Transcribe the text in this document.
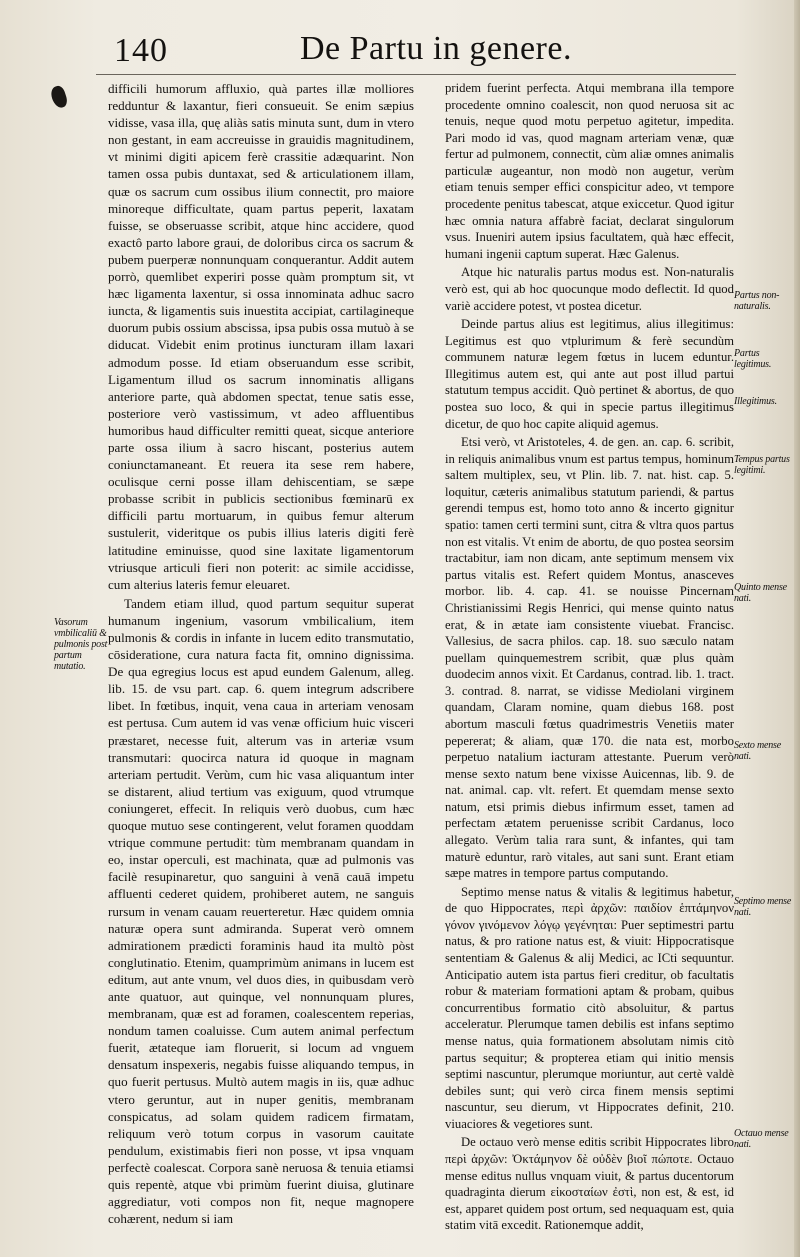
140	De Partu in genere.

difficili humorum affluxio, quà partes illæ molliores redduntur & laxantur, fieri consueuit. Se enim sæpius vidisse, vasa illa, quę aliàs satis minuta sunt, dum in vtero non gestant, in eam accreuisse in grauidis magnitudinem, vt minimi digiti apicem ferè crassitie adæquarint. Non tamen ossa pubis duntaxat, sed & articulationem illam, quæ os sacrum cum ossibus ilium connectit, pro maiore minoreque difficultate, quam partus peperit, laxatam fuisse, se obseruasse scribit, atque hinc accidere, quod exactô parto labore graui, de doloribus circa os sacrum & pubem puerperæ nonnunquam conquerantur. Addit autem porrò, quemlibet experiri posse quàm promptum sit, vt hæc ligamenta laxentur, si ossa innominata adhuc sacro iuncta, & ligamentis suis inuestita accipiat, cartilagineque duorum pubis ossium abscissa, ipsa pubis ossa mutuò à se diducat. Videbit enim protinus iuncturam illam laxari admodum posse. Id etiam obseruandum esse scribit, Ligamentum illud os sacrum innominatis alligans anteriore parte, quà abdomen spectat, tenue satis esse, posteriore verò vastissimum, vt adeo affluentibus humoribus haud difficulter remitti queat, sicque anteriore parte ossa ilium à sacro hiscant, posterius autem coniunctamaneant. Et reuera ita sese rem habere, oculisque cerni posse illam dehiscentiam, se sæpe probasse scribit in publicis sectionibus fœminarū ex difficili partu mortuarum, in quibus femur alterum sustulerit, videritque os pubis illius lateris digiti ferè latitudine eminuisse, quod sine laxitate ligamentorum vtriusque articuli fieri non poterit: ac simile accidisse, cum alterius lateris femur eleuaret.

Tandem etiam illud, quod partum sequitur superat humanum ingenium, vasorum vmbilicalium, item pulmonis & cordis in infante in lucem edito transmutatio, cōsideratione, cura natura facta fit, omnino dignissima. De qua egregius locus est apud eundem Galenum, alleg. lib. 15. de vsu part. cap. 6. quem integrum adscribere libet. In fœtibus, inquit, vena caua in arteriam venosam est pertusa. Cum autem id vas venæ officium huic visceri præstaret, necesse fuit, alterum vas in arteriæ vsum transmutari: quocirca natura id quoque in magnam arteriam pertudit. Verùm, cum hic vasa aliquantum inter se distarent, aliud tertium vas exiguum, quod vtrumque coniungeret, effecit. In reliquis verò duobus, cum hæc quoque mutuo sese contingerent, velut foramen quoddam vtrique commune pertudit: tùm membranam quandam in eo, instar operculi, est machinata, quæ ad pulmonis vas facilè resupinaretur, quo sanguini à venā cauā impetu affluenti cederet quidem, prohiberet autem, ne sanguis rursum in venam cauam reuerteretur. Hæc quidem omnia naturæ opera sunt admiranda. Superat verò omnem admirationem prædicti foraminis haud ita multò pòst conglutinatio. Etenim, quamprimùm animans in lucem est editum, aut ante vnum, vel duos dies, in quibusdam verò ante quatuor, aut quinque, vel nonnunquam plures, membranam, quæ est ad foramen, coalescentem reperias, nondum tamen coaluisse. Cum autem animal perfectum fuerit, ætateque iam floruerit, si locum ad vnguem densatum inspexeris, negabis fuisse aliquando tempus, in quo fuerit pertusus. Multò autem magis in iis, quæ adhuc vtero geruntur, aut in nuper genitis, membranam conspicatus, ad solam quidem radicem firmatam, reliquum verò totum corpus in vasorum cauitate pendulum, existimabis fieri non posse, vt ipsa vnquam perfectè coalescat. Corpora sanè neruosa & tenuia etiamsi quis repentè, atque vbi primùm fuerint diuisa, glutinare aggrediatur, voti compos non fit, neque magnopere cohærent, nedum si iam

pridem fuerint perfecta. Atqui membrana illa tempore procedente omnino coalescit, non quod neruosa sit ac tenuis, neque quod motu perpetuo agitetur, impedita. Pari modo id vas, quod magnam arteriam venæ, quæ fertur ad pulmonem, connectit, cùm aliæ omnes animalis particulæ augeantur, non modò non augetur, verùm etiam tenuis semper effici conspicitur adeo, vt tempore procedente penitus tabescat, atque exiccetur. Quod igitur hæc omnia natura affabrè faciat, declarat singulorum vsus. Inueniri autem ipsius facultatem, quà hæc effecit, humani ingenii captum superat. Hæc Galenus.

Atque hic naturalis partus modus est. Non-naturalis verò est, qui ab hoc quocunque modo deflectit. Id quod variè accidere potest, vt postea dicetur.

Deinde partus alius est legitimus, alius illegitimus: Legitimus est quo vtplurimum & ferè secundùm communem naturæ legem fœtus in lucem eduntur. Illegitimus autem est, qui ante aut post illud partui statutum tempus accidit. Quò pertinet & abortus, de quo postea suo loco, & qui in specie partus illegitimus dicetur, de quo hoc capite aliquid agemus.

Etsi verò, vt Aristoteles, 4. de gen. an. cap. 6. scribit, in reliquis animalibus vnum est partus tempus, hominum saltem multiplex, seu, vt Plin. lib. 7. nat. hist. cap. 5. loquitur, cæteris animalibus statutum pariendi, & partus gerendi tempus est, homo toto anno & incerto gignitur spatio: tamen certi termini sunt, citra & vltra quos partus non est vitalis. Vt enim de abortu, de quo postea seorsim tractabitur, iam non dicam, ante septimum mensem vix partus vitalis est. Refert quidem Montus, anasceves morbor. lib. 4. cap. 41. se nouisse Pincernam Christianissimi Regis Henrici, qui mense quinto natus erat, & in ætate iam consistente viuebat. Francisc. Vallesius, de sacra philos. cap. 18. suo sæculo natam puellam quinquemestrem scribit, quæ plus quàm duodecim annos vixit. Et Cardanus, contrad. lib. 1. tract. 3. contrad. 8. narrat, se vidisse Mediolani virginem quandam, Claram nomine, quam diebus 168. post abortum masculi fœtus quadrimestris Venetiis mater pepererat; & aliam, quæ 170. die nata est, morbo perpetuo natalium iacturam attestante. Puerum verò mense sexto natum bene vixisse Auicennas, lib. 9. de nat. animal. cap. vlt. refert. Et quemdam mense sexto natum, etsi primis diebus infirmum esset, tamen ad perfectam ætatem peruenisse scribit Cardanus, loco allegato. Verùm talia rara sunt, & infantes, qui tam maturè eduntur, rarò vitales, aut sani sunt. Erant etiam sæpe matres in tempore partus computando.

Septimo mense natus & vitalis & legitimus habetur, de quo Hippocrates, περὶ ἀρχῶν: παιδίον ἑπτάμηνον γόνον γινόμενον λόγῳ γεγένηται: Puer septimestri partu natus, & pro ratione natus est, & viuit: Hippocratisque sententiam & Galenus & alij Medici, ac ICti sequuntur. Anticipatio autem ista partus fieri creditur, ob facultatis robur & materiam formationi aptam & probam, quibus concurrentibus formatio citò absoluitur, & partus acceleratur. Plerumque tamen debilis est infans septimo mense natus, quia formationem absolutam nimis citò partus sequitur; & propterea etiam qui initio mensis septimi nascuntur, plerumque moriuntur, aut certè valdè debiles sunt; qui verò circa finem mensis septimi nascuntur, seu dierum, vt Hippocrates definit, 210. viuaciores & vegetiores sunt.

De octauo verò mense editis scribit Hippocrates libro περὶ ἀρχῶν: Ὀκτάμηνον δὲ οὐδὲν βιοῖ πώποτε. Octauo mense editus nullus vnquam viuit, & partus ducentorum quadraginta dierum εἰκοσταίων ἐστὶ, non est, & est, id est, apparet quidem post ortum, sed nequaquam est, quia statim vitā excedit. Rationemque addit,

Vasorum vmbilicaliū & pulmonis post partum mutatio.
Partus non-naturalis.
Partus legitimus.
Illegitimus.
Tempus partus legitimi.
Quinto mense nati.
Sexto mense nati.
Septimo mense nati.
Octauo mense nati.
